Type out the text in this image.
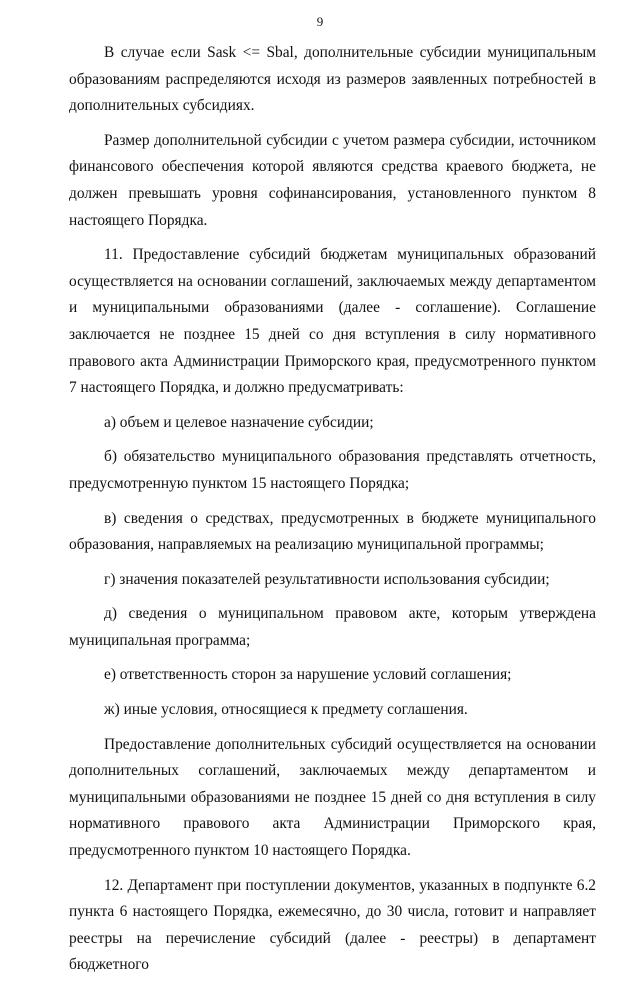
9

В случае если Sask <= Sbal, дополнительные субсидии муниципальным образованиям распределяются исходя из размеров заявленных потребностей в дополнительных субсидиях.

Размер дополнительной субсидии с учетом размера субсидии, источником финансового обеспечения которой являются средства краевого бюджета, не должен превышать уровня софинансирования, установленного пунктом 8 настоящего Порядка.

11. Предоставление субсидий бюджетам муниципальных образований осуществляется на основании соглашений, заключаемых между департаментом и муниципальными образованиями (далее - соглашение). Соглашение заключается не позднее 15 дней со дня вступления в силу нормативного правового акта Администрации Приморского края, предусмотренного пунктом 7 настоящего Порядка, и должно предусматривать:

а) объем и целевое назначение субсидии;

б) обязательство муниципального образования представлять отчетность, предусмотренную пунктом 15 настоящего Порядка;

в) сведения о средствах, предусмотренных в бюджете муниципального образования, направляемых на реализацию муниципальной программы;

г) значения показателей результативности использования субсидии;

д) сведения о муниципальном правовом акте, которым утверждена муниципальная программа;

е) ответственность сторон за нарушение условий соглашения;

ж) иные условия, относящиеся к предмету соглашения.

Предоставление дополнительных субсидий осуществляется на основании дополнительных соглашений, заключаемых между департаментом и муниципальными образованиями не позднее 15 дней со дня вступления в силу нормативного правового акта Администрации Приморского края, предусмотренного пунктом 10 настоящего Порядка.

12. Департамент при поступлении документов, указанных в подпункте 6.2 пункта 6 настоящего Порядка, ежемесячно, до 30 числа, готовит и направляет реестры на перечисление субсидий (далее - реестры) в департамент бюджетного
